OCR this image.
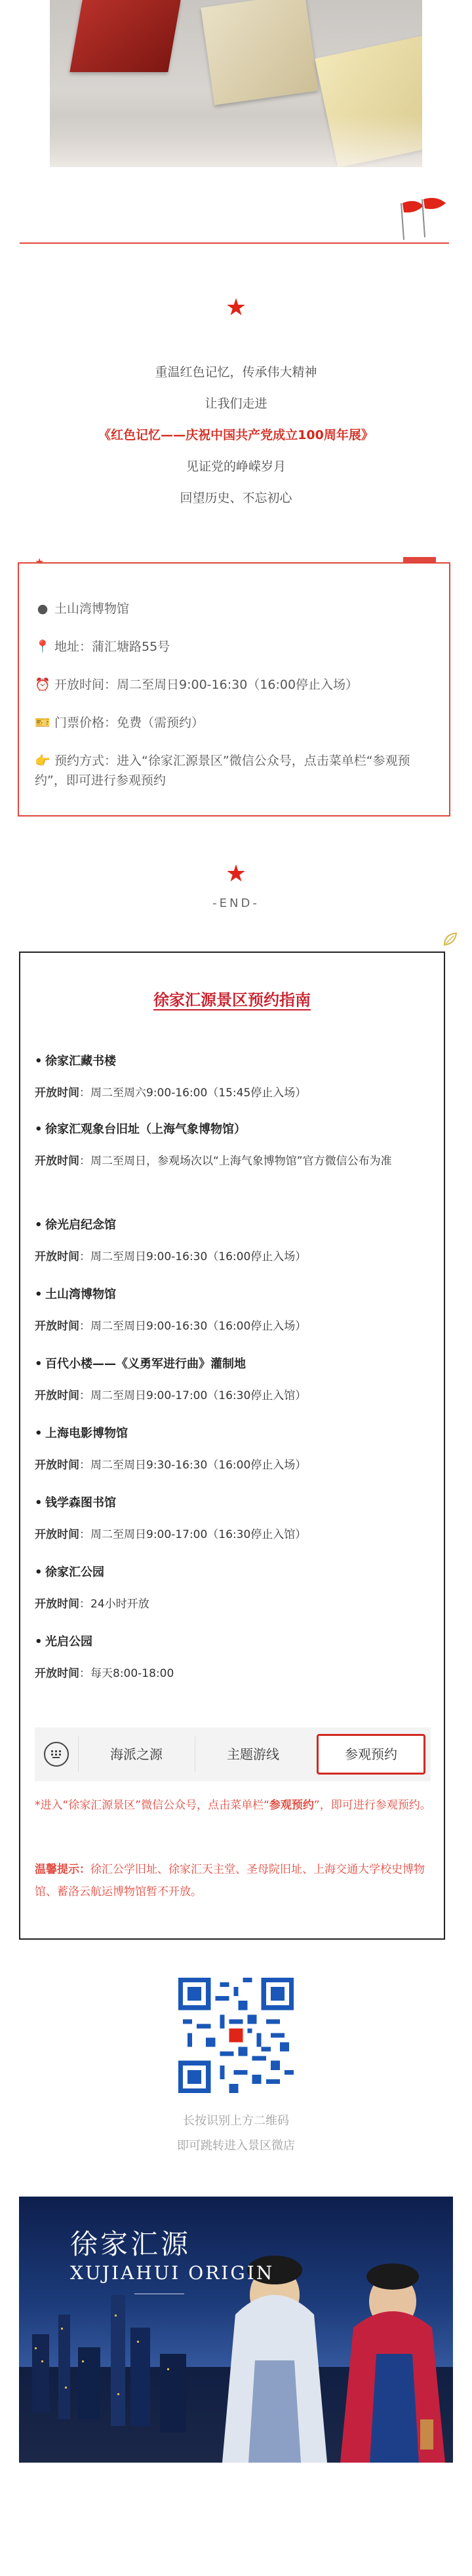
★
重温红色记忆，传承伟大精神
让我们走进
《红色记忆——庆祝中国共产党成立100周年展》
见证党的峥嵘岁月
回望历史、不忘初心
● 土山湾博物馆
📍 地址：蒲汇塘路55号
⏰ 开放时间：周二至周日9:00-16:30（16:00停止入场）
🎫 门票价格：免费（需预约）
👉 预约方式：进入“徐家汇源景区”微信公众号，点击菜单栏“参观预约”，即可进行参观预约
★
-END-
徐家汇源景区预约指南
• 徐家汇藏书楼
开放时间：周二至周六9:00-16:00（15:45停止入场）
• 徐家汇观象台旧址（上海气象博物馆）
开放时间：周二至周日，参观场次以“上海气象博物馆”官方微信公布为准
• 徐光启纪念馆
开放时间：周二至周日9:00-16:30（16:00停止入场）
• 土山湾博物馆
开放时间：周二至周日9:00-16:30（16:00停止入场）
• 百代小楼——《义勇军进行曲》灌制地
开放时间：周二至周日9:00-17:00（16:30停止入馆）
• 上海电影博物馆
开放时间：周二至周日9:30-16:30（16:00停止入场）
• 钱学森图书馆
开放时间：周二至周日9:00-17:00（16:30停止入馆）
• 徐家汇公园
开放时间：24小时开放
• 光启公园
开放时间：每天8:00-18:00
海派之源	主题游线	参观预约
*进入“徐家汇源景区”微信公众号，点击菜单栏“参观预约”，即可进行参观预约。
温馨提示：徐汇公学旧址、徐家汇天主堂、圣母院旧址、上海交通大学校史博物馆、蓄洛云航运博物馆暂不开放。
长按识别上方二维码
即可跳转进入景区微店
徐家汇源
XUJIAHUI ORIGIN
